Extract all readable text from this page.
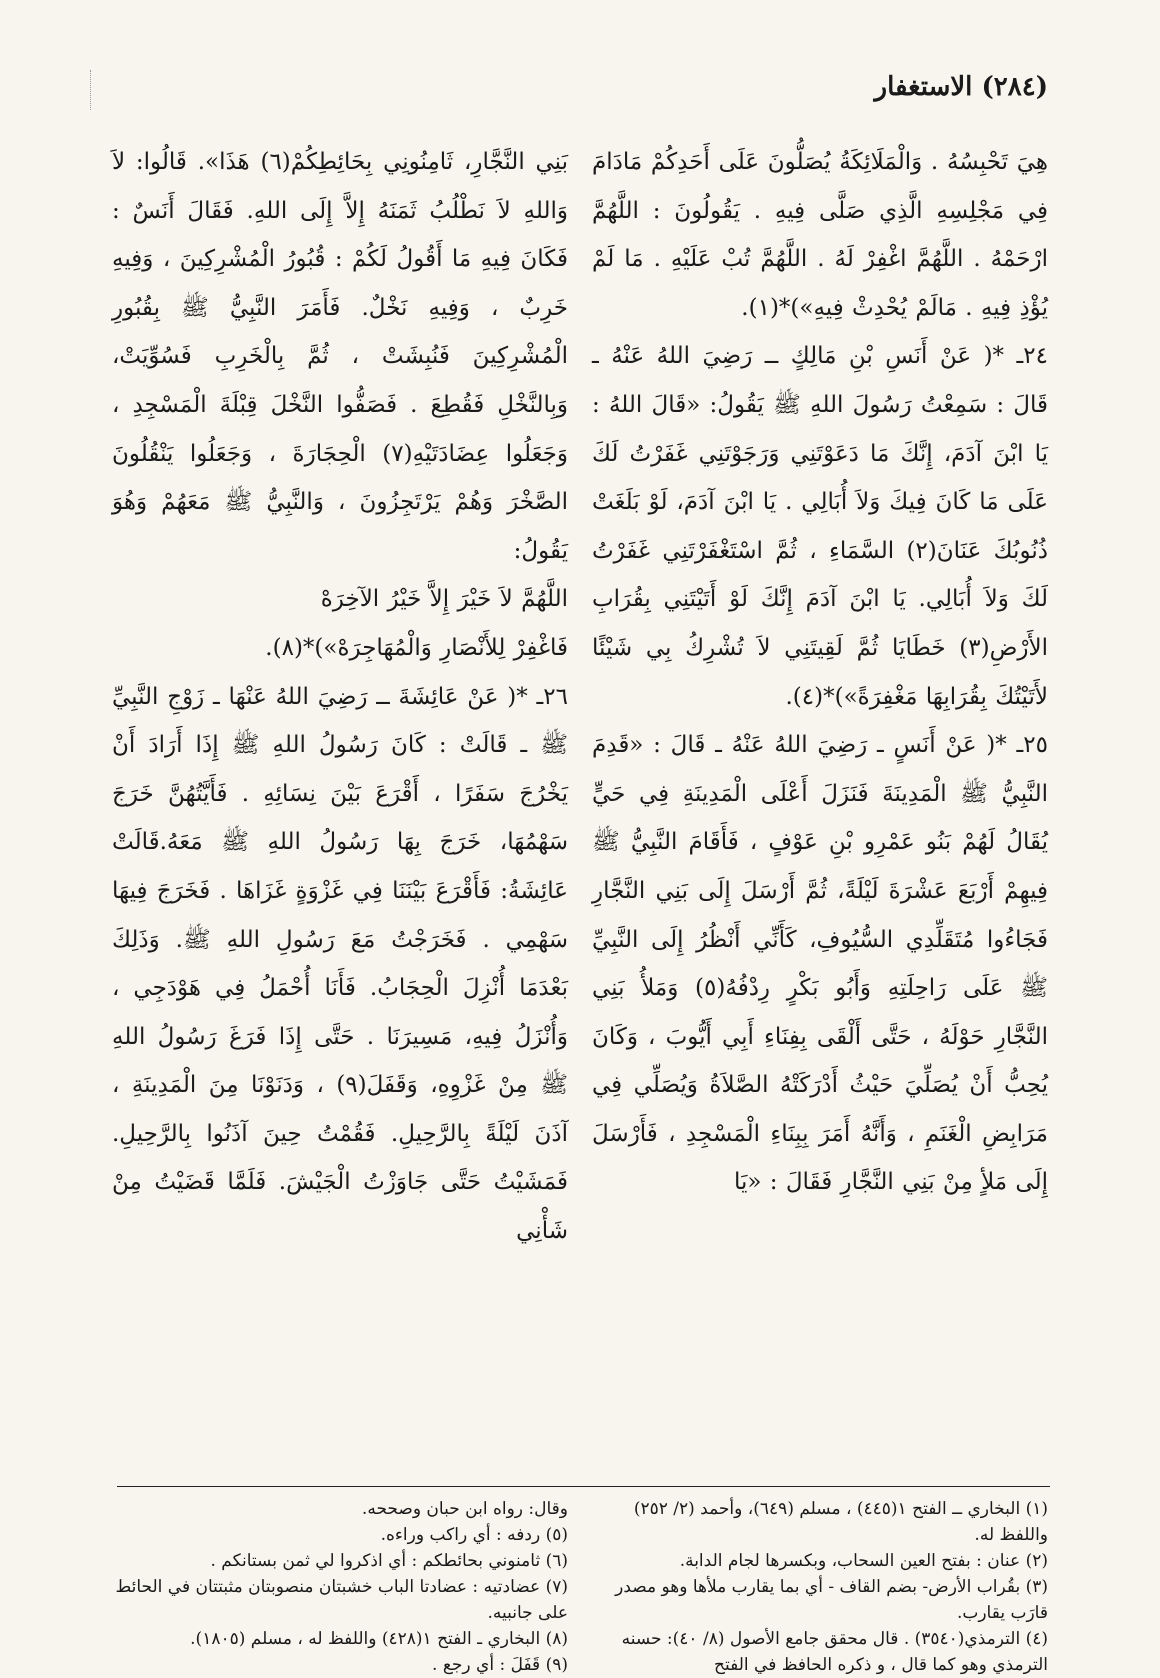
(٢٨٤) الاستغفار

هِيَ تَحْبِسُهُ . وَالْمَلَائِكَةُ يُصَلُّونَ عَلَى أَحَدِكُمْ مَادَامَ فِي مَجْلِسِهِ الَّذِي صَلَّى فِيهِ . يَقُولُونَ : اللَّهُمَّ ارْحَمْهُ . اللَّهُمَّ اغْفِرْ لَهُ . اللَّهُمَّ تُبْ عَلَيْهِ . مَا لَمْ يُؤْذِ فِيهِ . مَالَمْ يُحْدِثْ فِيهِ»)*(١).

٢٤ـ *( عَنْ أَنَسِ بْنِ مَالِكٍ ــ رَضِيَ اللهُ عَنْهُ ـ قَالَ : سَمِعْتُ رَسُولَ اللهِ ﷺ يَقُولُ: «قَالَ اللهُ : يَا ابْنَ آدَمَ، إِنَّكَ مَا دَعَوْتَنِي وَرَجَوْتَنِي غَفَرْتُ لَكَ عَلَى مَا كَانَ فِيكَ وَلاَ أُبَالِي . يَا ابْنَ آدَمَ، لَوْ بَلَغَتْ ذُنُوبُكَ عَنَانَ(٢) السَّمَاءِ ، ثُمَّ اسْتَغْفَرْتَنِي غَفَرْتُ لَكَ وَلاَ أُبَالِي. يَا ابْنَ آدَمَ إِنَّكَ لَوْ أَتَيْتَنِي بِقُرَابِ الأَرْضِ(٣) خَطَايَا ثُمَّ لَقِيتَنِي لاَ تُشْرِكُ بِي شَيْئًا لأَتَيْتُكَ بِقُرَابِهَا مَغْفِرَةً»)*(٤).

٢٥ـ *( عَنْ أَنَسٍ ـ رَضِيَ اللهُ عَنْهُ ـ قَالَ : «قَدِمَ النَّبِيُّ ﷺ الْمَدِينَةَ فَنَزَلَ أَعْلَى الْمَدِينَةِ فِي حَيٍّ يُقَالُ لَهُمْ بَنُو عَمْرِو بْنِ عَوْفٍ ، فَأَقَامَ النَّبِيُّ ﷺ فِيهِمْ أَرْبَعَ عَشْرَةَ لَيْلَةً، ثُمَّ أَرْسَلَ إِلَى بَنِي النَّجَّارِ فَجَاءُوا مُتَقَلِّدِي السُّيُوفِ، كَأَنِّي أَنْظُرُ إِلَى النَّبِيِّ ﷺ عَلَى رَاحِلَتِهِ وَأَبُو بَكْرٍ رِدْفُهُ(٥) وَمَلأُ بَنِي النَّجَّارِ حَوْلَهُ ، حَتَّى أَلْقَى بِفِنَاءِ أَبِي أَيُّوبَ ، وَكَانَ يُحِبُّ أَنْ يُصَلِّيَ حَيْثُ أَدْرَكَتْهُ الصَّلاَةُ وَيُصَلِّي فِي مَرَابِضِ الْغَنَمِ ، وَأَنَّهُ أَمَرَ بِبِنَاءِ الْمَسْجِدِ ، فَأَرْسَلَ إِلَى مَلأٍ مِنْ بَنِي النَّجَّارِ فَقَالَ : «يَا

بَنِي النَّجَّارِ، ثَامِنُونِي بِحَائِطِكُمْ(٦) هَذَا». قَالُوا: لاَ وَاللهِ لاَ نَطْلُبُ ثَمَنَهُ إِلاَّ إِلَى اللهِ. فَقَالَ أَنَسٌ : فَكَانَ فِيهِ مَا أَقُولُ لَكُمْ : قُبُورُ الْمُشْرِكِينَ ، وَفِيهِ خَرِبٌ ، وَفِيهِ نَخْلٌ. فَأَمَرَ النَّبِيُّ ﷺ بِقُبُورِ الْمُشْرِكِينَ فَنُبِشَتْ ، ثُمَّ بِالْخَرِبِ فَسُوِّيَتْ، وَبِالنَّخْلِ فَقُطِعَ . فَصَفُّوا النَّخْلَ قِبْلَةَ الْمَسْجِدِ ، وَجَعَلُوا عِضَادَتَيْهِ(٧) الْحِجَارَةَ ، وَجَعَلُوا يَنْقُلُونَ الصَّخْرَ وَهُمْ يَرْتَجِزُونَ ، وَالنَّبِيُّ ﷺ مَعَهُمْ وَهُوَ يَقُولُ:

اللَّهُمَّ لاَ خَيْرَ إِلاَّ خَيْرُ الآخِرَهْ

فَاغْفِرْ لِلأَنْصَارِ وَالْمُهَاجِرَهْ»)*(٨).

٢٦ـ *( عَنْ عَائِشَةَ ــ رَضِيَ اللهُ عَنْهَا ـ زَوْجِ النَّبِيِّ ﷺ ـ قَالَتْ : كَانَ رَسُولُ اللهِ ﷺ إِذَا أَرَادَ أَنْ يَخْرُجَ سَفَرًا ، أَقْرَعَ بَيْنَ نِسَائِهِ . فَأَيَّتُهُنَّ خَرَجَ سَهْمُهَا، خَرَجَ بِهَا رَسُولُ اللهِ ﷺ مَعَهُ.قَالَتْ عَائِشَةُ: فَأَقْرَعَ بَيْنَنَا فِي غَزْوَةٍ غَزَاهَا . فَخَرَجَ فِيهَا سَهْمِي . فَخَرَجْتُ مَعَ رَسُولِ اللهِ ﷺ. وَذَلِكَ بَعْدَمَا أُنْزِلَ الْحِجَابُ. فَأَنَا أُحْمَلُ فِي هَوْدَجِي ، وَأُنْزَلُ فِيهِ، مَسِيرَنَا . حَتَّى إِذَا فَرَغَ رَسُولُ اللهِ ﷺ مِنْ غَزْوِهِ، وَقَفَلَ(٩) ، وَدَنَوْنَا مِنَ الْمَدِينَةِ ، آذَنَ لَيْلَةً بِالرَّحِيلِ. فَقُمْتُ حِينَ آذَنُوا بِالرَّحِيلِ. فَمَشَيْتُ حَتَّى جَاوَزْتُ الْجَيْشَ. فَلَمَّا قَضَيْتُ مِنْ شَأْنِي

(١) البخاري ــ الفتح ١(٤٤٥) ، مسلم (٦٤٩)، وأحمد (٢/ ٢٥٢) واللفظ له.

(٢) عنان : بفتح العين السحاب، وبكسرها لجام الدابة.

(٣) بقُراب الأرض- بضم القاف - أي بما يقارب ملأها وهو مصدر قارَب يقارب.

(٤) الترمذي(٣٥٤٠) . قال محقق جامع الأصول (٨/ ٤٠): حسنه الترمذي وهو كما قال ، و ذكره الحافظ في الفتح

وقال: رواه ابن حبان وصححه.

(٥) ردفه : أي راكب وراءه.

(٦) ثامنوني بحائطكم : أي اذكروا لي ثمن بستانكم .

(٧) عضادتيه : عضادتا الباب خشبتان منصوبتان مثبتتان في الحائط على جانبيه.

(٨) البخاري ـ الفتح ١(٤٢٨) واللفظ له ، مسلم (١٨٠٥).

(٩) قَفَلَ : أي رجع .
